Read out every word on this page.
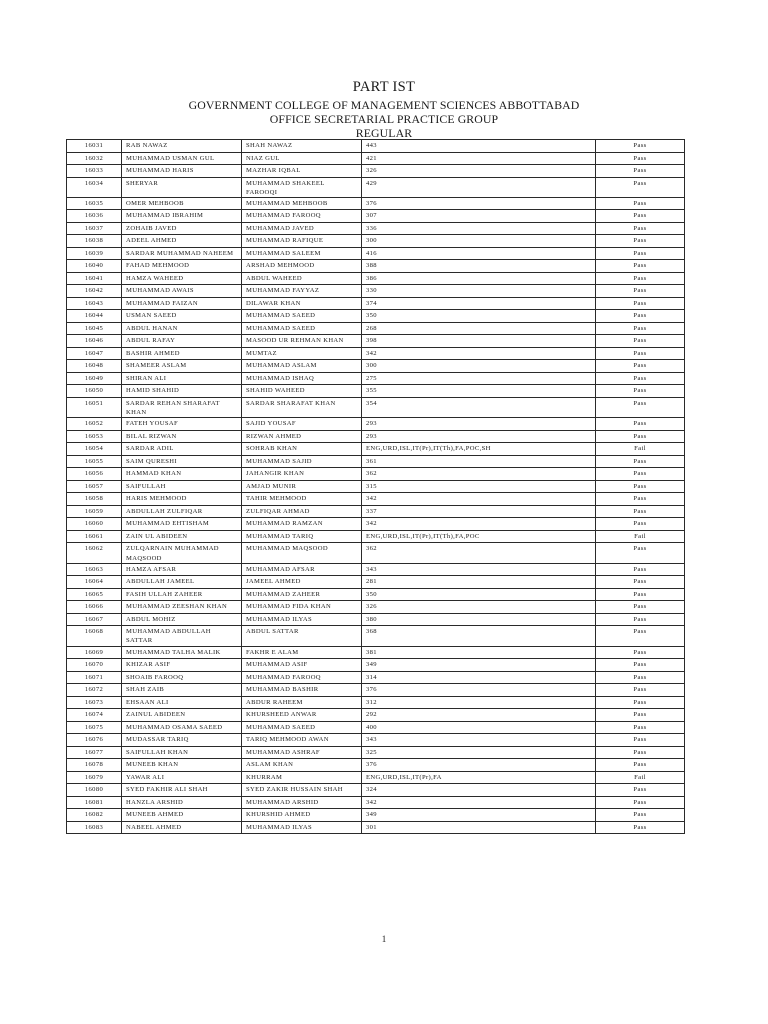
PART IST
GOVERNMENT COLLEGE OF MANAGEMENT SCIENCES ABBOTTABAD
OFFICE SECRETARIAL PRACTICE GROUP
REGULAR
16031	RAB NAWAZ	SHAH NAWAZ	443	Pass
16032	MUHAMMAD USMAN GUL	NIAZ GUL	421	Pass
16033	MUHAMMAD HARIS	MAZHAR IQBAL	326	Pass
16034	SHERYAR	MUHAMMAD SHAKEEL FAROOQI	429	Pass
16035	OMER MEHBOOB	MUHAMMAD MEHBOOB	376	Pass
16036	MUHAMMAD IBRAHIM	MUHAMMAD FAROOQ	307	Pass
16037	ZOHAIB JAVED	MUHAMMAD JAVED	336	Pass
16038	ADEEL AHMED	MUHAMMAD RAFIQUE	300	Pass
16039	SARDAR MUHAMMAD NAHEEM	MUHAMMAD SALEEM	416	Pass
16040	FAHAD MEHMOOD	ARSHAD MEHMOOD	388	Pass
16041	HAMZA WAHEED	ABDUL WAHEED	386	Pass
16042	MUHAMMAD AWAIS	MUHAMMAD FAYYAZ	330	Pass
16043	MUHAMMAD FAIZAN	DILAWAR KHAN	374	Pass
16044	USMAN SAEED	MUHAMMAD SAEED	350	Pass
16045	ABDUL HANAN	MUHAMMAD SAEED	268	Pass
16046	ABDUL RAFAY	MASOOD UR REHMAN KHAN	398	Pass
16047	BASHIR AHMED	MUMTAZ	342	Pass
16048	SHAMEER ASLAM	MUHAMMAD ASLAM	300	Pass
16049	SHIRAN ALI	MUHAMMAD ISHAQ	275	Pass
16050	HAMID SHAHID	SHAHID WAHEED	355	Pass
16051	SARDAR REHAN SHARAFAT KHAN	SARDAR SHARAFAT KHAN	354	Pass
16052	FATEH YOUSAF	SAJID YOUSAF	293	Pass
16053	BILAL RIZWAN	RIZWAN AHMED	293	Pass
16054	SARDAR ADIL	SOHRAB KHAN	ENG,URD,ISL,IT(Pr),IT(Th),FA,POC,SH	Fail
16055	SAIM QURESHI	MUHAMMAD SAJID	361	Pass
16056	HAMMAD KHAN	JAHANGIR KHAN	362	Pass
16057	SAIFULLAH	AMJAD MUNIR	315	Pass
16058	HARIS MEHMOOD	TAHIR MEHMOOD	342	Pass
16059	ABDULLAH ZULFIQAR	ZULFIQAR AHMAD	337	Pass
16060	MUHAMMAD EHTISHAM	MUHAMMAD RAMZAN	342	Pass
16061	ZAIN UL ABIDEEN	MUHAMMAD TARIQ	ENG,URD,ISL,IT(Pr),IT(Th),FA,POC	Fail
16062	ZULQARNAIN MUHAMMAD MAQSOOD	MUHAMMAD MAQSOOD	362	Pass
16063	HAMZA AFSAR	MUHAMMAD AFSAR	343	Pass
16064	ABDULLAH JAMEEL	JAMEEL AHMED	281	Pass
16065	FASIH ULLAH ZAHEER	MUHAMMAD ZAHEER	350	Pass
16066	MUHAMMAD ZEESHAN KHAN	MUHAMMAD FIDA KHAN	326	Pass
16067	ABDUL MOHIZ	MUHAMMAD ILYAS	380	Pass
16068	MUHAMMAD ABDULLAH SATTAR	ABDUL SATTAR	368	Pass
16069	MUHAMMAD TALHA MALIK	FAKHR E ALAM	381	Pass
16070	KHIZAR ASIF	MUHAMMAD ASIF	349	Pass
16071	SHOAIB FAROOQ	MUHAMMAD FAROOQ	314	Pass
16072	SHAH ZAIB	MUHAMMAD BASHIR	376	Pass
16073	EHSAAN ALI	ABDUR RAHEEM	312	Pass
16074	ZAINUL ABIDEEN	KHURSHEED ANWAR	292	Pass
16075	MUHAMMAD OSAMA SAEED	MUHAMMAD SAEED	400	Pass
16076	MUDASSAR TARIQ	TARIQ MEHMOOD AWAN	343	Pass
16077	SAIFULLAH KHAN	MUHAMMAD ASHRAF	325	Pass
16078	MUNEEB KHAN	ASLAM KHAN	376	Pass
16079	YAWAR ALI	KHURRAM	ENG,URD,ISL,IT(Pr),FA	Fail
16080	SYED FAKHIR ALI SHAH	SYED ZAKIR HUSSAIN SHAH	324	Pass
16081	HANZLA ARSHID	MUHAMMAD ARSHID	342	Pass
16082	MUNEEB AHMED	KHURSHID AHMED	349	Pass
16083	NABEEL AHMED	MUHAMMAD ILYAS	301	Pass
1
